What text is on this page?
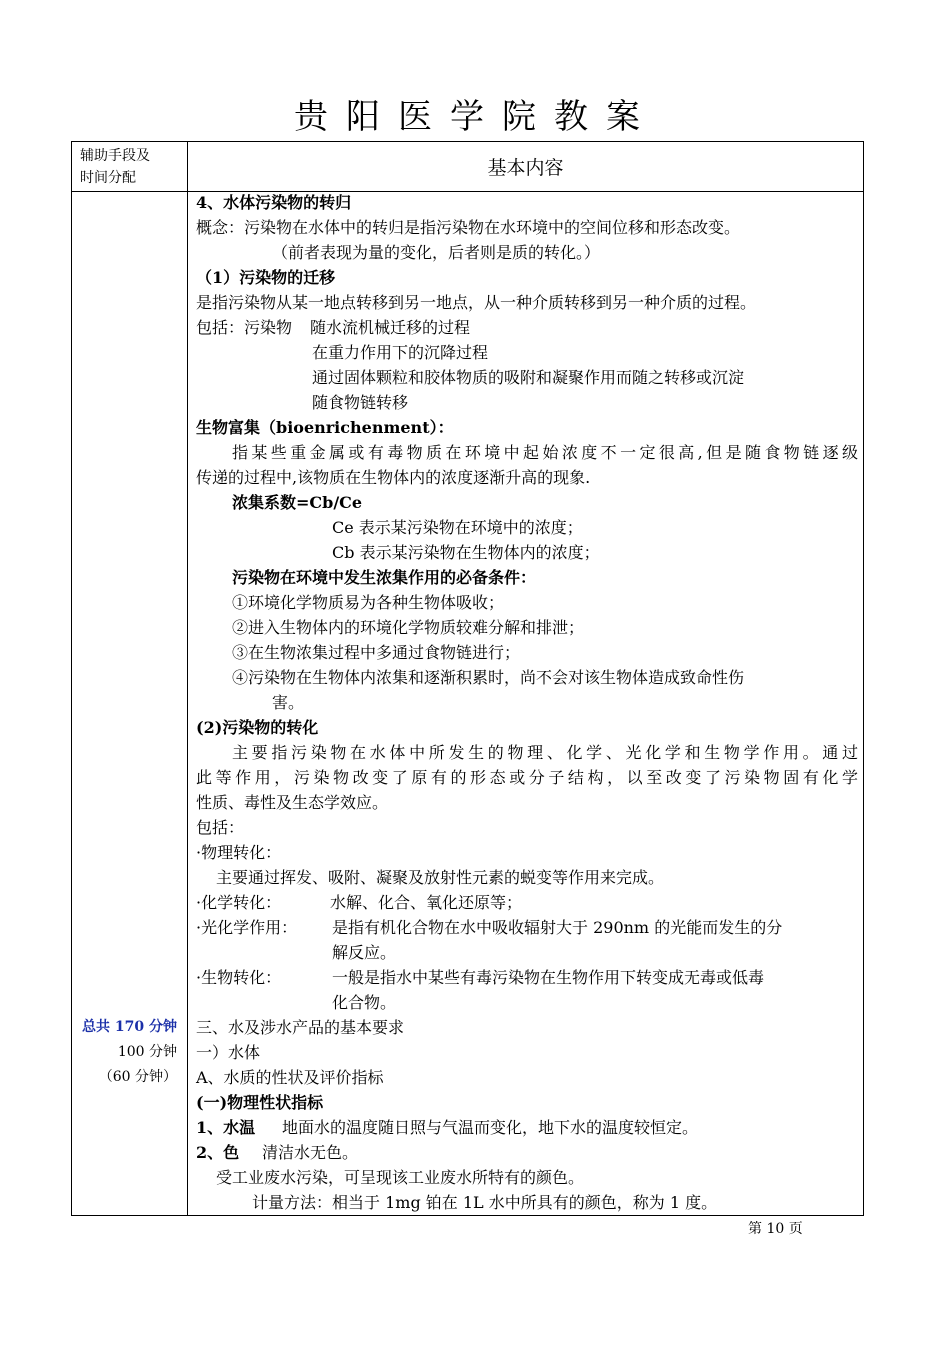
贵阳医学院教案
辅助手段及
时间分配	基本内容
总共 170 分钟
100 分钟
（60 分钟）
4、水体污染物的转归
概念：污染物在水体中的转归是指污染物在水环境中的空间位移和形态改变。
（前者表现为量的变化，后者则是质的转化。）
（1）污染物的迁移
是指污染物从某一地点转移到另一地点，从一种介质转移到另一种介质的过程。
包括：污染物 随水流机械迁移的过程
在重力作用下的沉降过程
通过固体颗粒和胶体物质的吸附和凝聚作用而随之转移或沉淀
随食物链转移
生物富集（bioenrichenment）：
指某些重金属或有毒物质在环境中起始浓度不一定很高,但是随食物链逐级
传递的过程中,该物质在生物体内的浓度逐渐升高的现象.
浓集系数=Cb/Ce
Ce 表示某污染物在环境中的浓度；
Cb 表示某污染物在生物体内的浓度；
污染物在环境中发生浓集作用的必备条件：
①环境化学物质易为各种生物体吸收；
②进入生物体内的环境化学物质较难分解和排泄；
③在生物浓集过程中多通过食物链进行；
④污染物在生物体内浓集和逐渐积累时，尚不会对该生物体造成致命性伤
害。
(2)污染物的转化
主要指污染物在水体中所发生的物理、化学、光化学和生物学作用。通过
此等作用，污染物改变了原有的形态或分子结构，以至改变了污染物固有化学
性质、毒性及生态学效应。
包括：
·物理转化：
主要通过挥发、吸附、凝聚及放射性元素的蜕变等作用来完成。
·化学转化：	水解、化合、氧化还原等；
·光化学作用： 是指有机化合物在水中吸收辐射大于 290nm 的光能而发生的分
解反应。
·生物转化：	一般是指水中某些有毒污染物在生物作用下转变成无毒或低毒
化合物。
三、水及涉水产品的基本要求
一）水体
A、水质的性状及评价指标
(一)物理性状指标
1、水温 地面水的温度随日照与气温而变化，地下水的温度较恒定。
2、色 清洁水无色。
受工业废水污染，可呈现该工业废水所特有的颜色。
计量方法：相当于 1mg 铂在 1L 水中所具有的颜色，称为 1 度。
第 10 页
